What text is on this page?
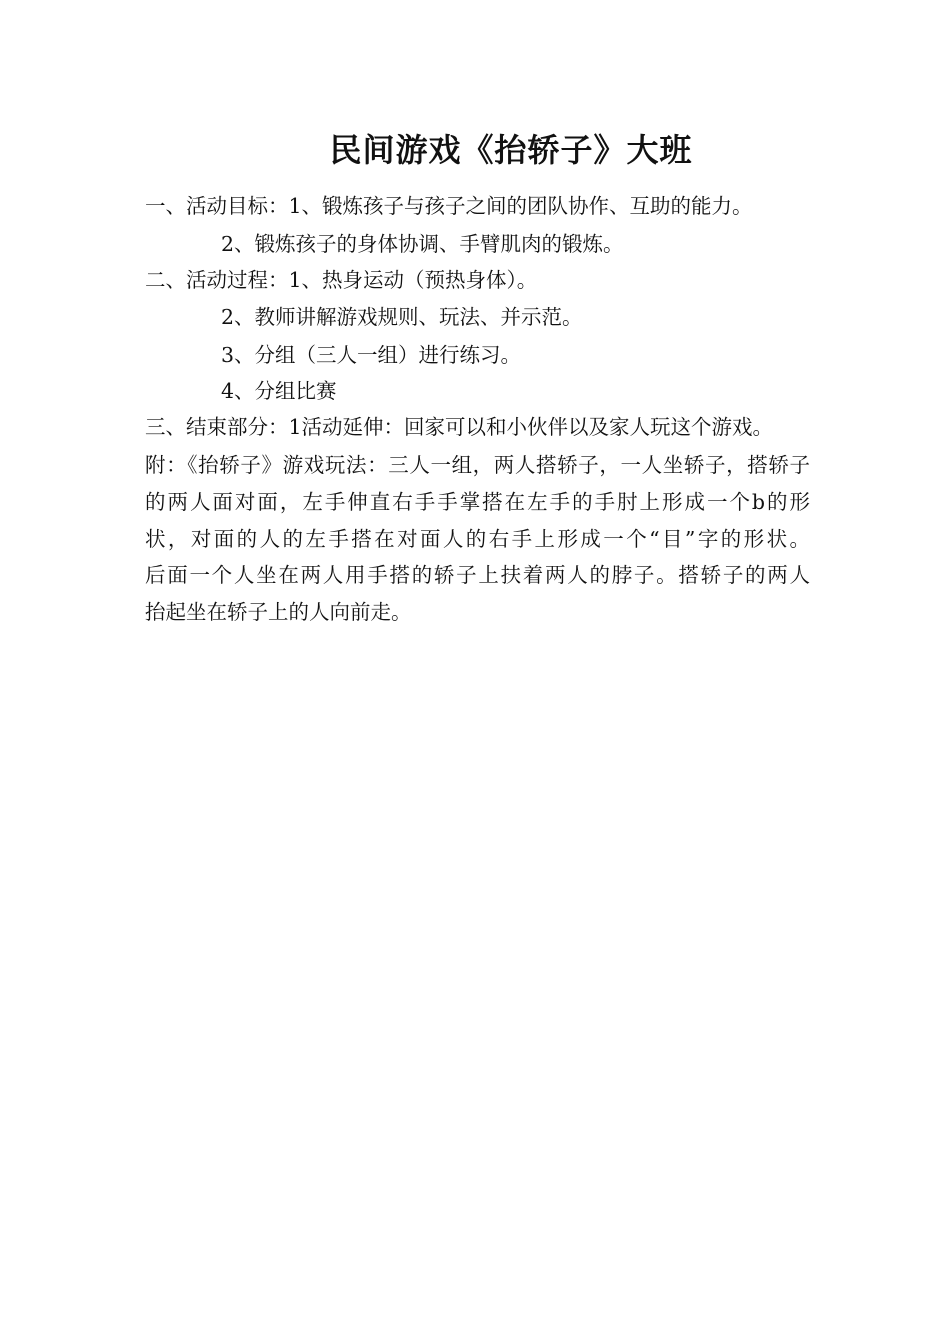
民间游戏《抬轿子》大班
一、活动目标：1、锻炼孩子与孩子之间的团队协作、互助的能力。
2、锻炼孩子的身体协调、手臂肌肉的锻炼。
二、活动过程：1、热身运动（预热身体）。
2、教师讲解游戏规则、玩法、并示范。
3、分组（三人一组）进行练习。
4、分组比赛
三、结束部分：1活动延伸：回家可以和小伙伴以及家人玩这个游戏。
附：《抬轿子》游戏玩法：三人一组，两人搭轿子，一人坐轿子，搭轿子
的两人面对面，左手伸直右手手掌搭在左手的手肘上形成一个b的形
状，对面的人的左手搭在对面人的右手上形成一个“目”字的形状。
后面一个人坐在两人用手搭的轿子上扶着两人的脖子。搭轿子的两人
抬起坐在轿子上的人向前走。
